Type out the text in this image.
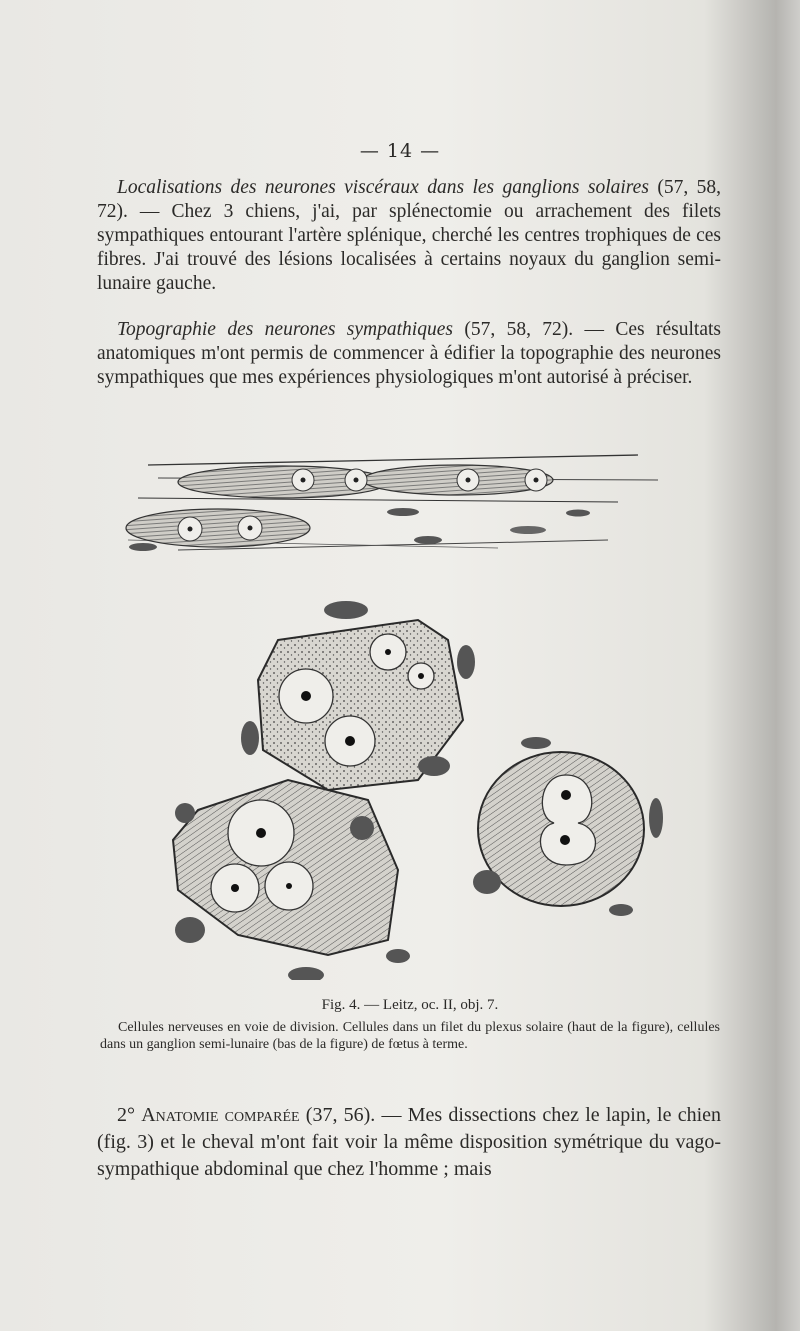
— 14 —

Localisations des neurones viscéraux dans les ganglions solaires (57, 58, 72). — Chez 3 chiens, j'ai, par splénectomie ou arrachement des filets sympathiques entourant l'artère splénique, cherché les centres trophiques de ces fibres. J'ai trouvé des lésions localisées à certains noyaux du ganglion semi-lunaire gauche.

Topographie des neurones sympathiques (57, 58, 72). — Ces résultats anatomiques m'ont permis de commencer à édifier la topographie des neurones sympathiques que mes expériences physiologiques m'ont autorisé à préciser.

Fig. 4. — Leitz, oc. II, obj. 7.
Cellules nerveuses en voie de division. Cellules dans un filet du plexus solaire (haut de la figure), cellules dans un ganglion semi-lunaire (bas de la figure) de fœtus à terme.

2° Anatomie comparée (37, 56). — Mes dissections chez le lapin, le chien (fig. 3) et le cheval m'ont fait voir la même disposition symétrique du vago-sympathique abdominal que chez l'homme ; mais
